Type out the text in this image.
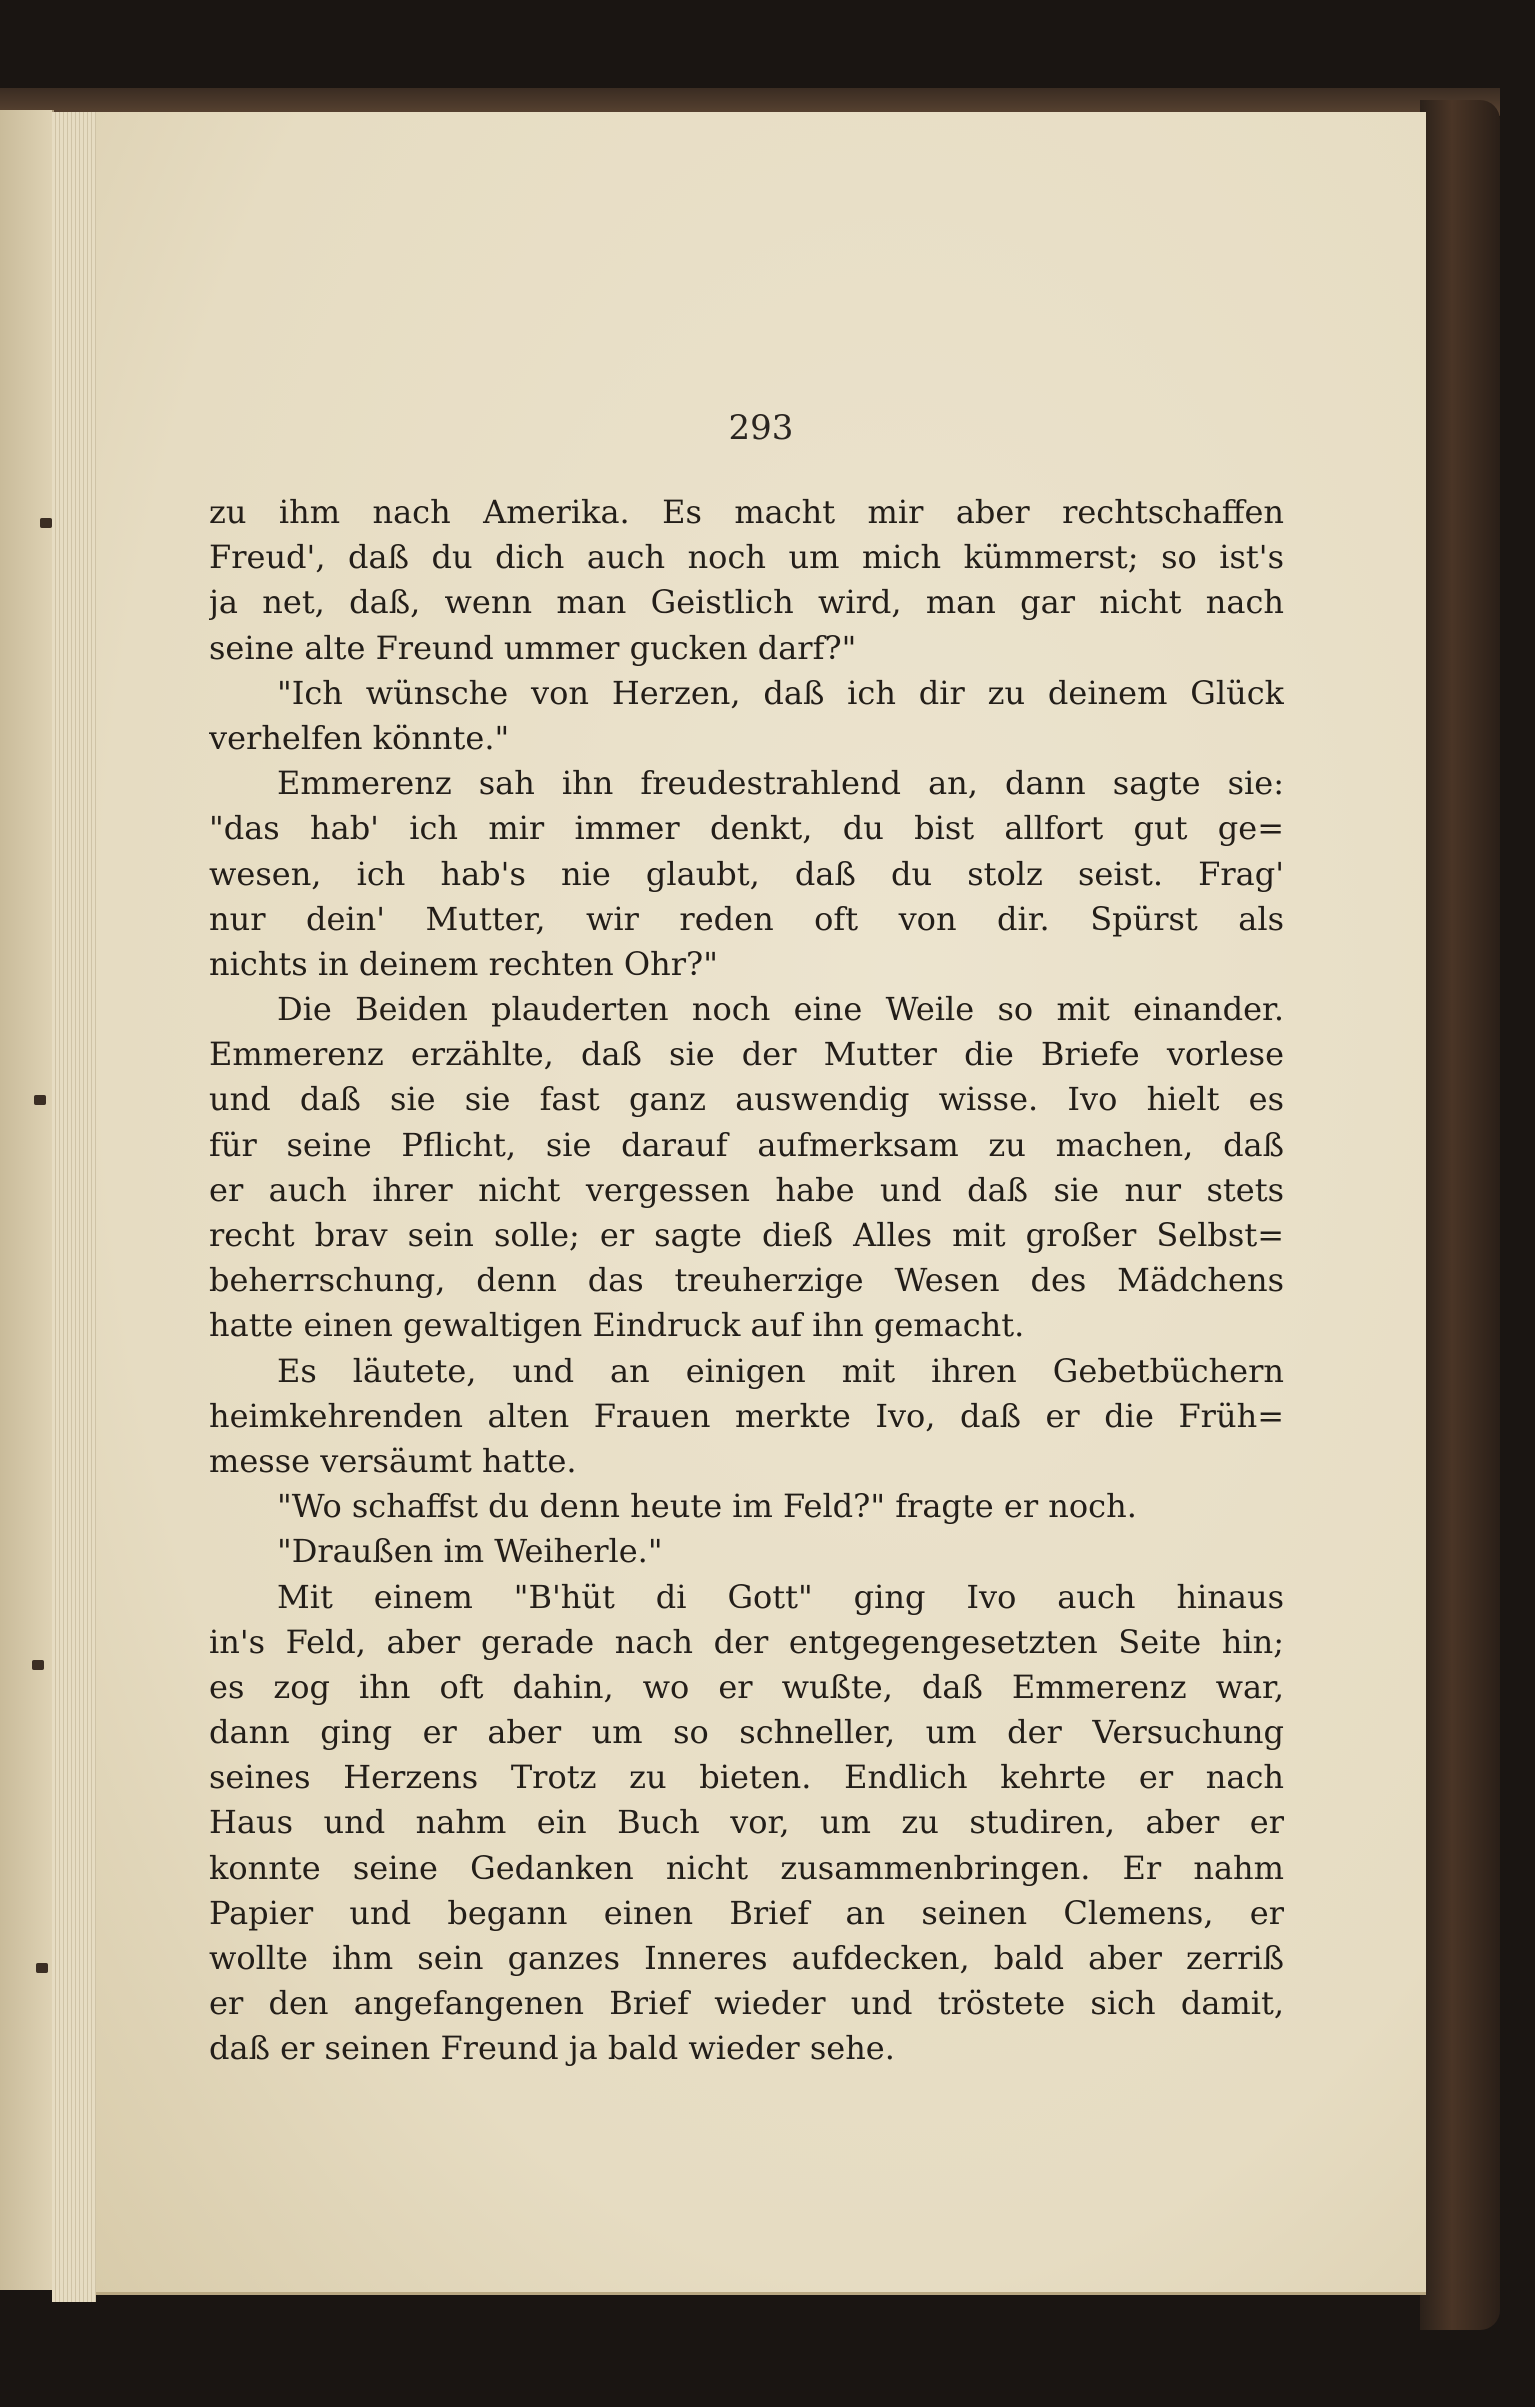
293
zu ihm nach Amerika. Es macht mir aber rechtschaffen
Freud', daß du dich auch noch um mich kümmerst; so ist's
ja net, daß, wenn man Geistlich wird, man gar nicht nach
seine alte Freund ummer gucken darf?"
"Ich wünsche von Herzen, daß ich dir zu deinem Glück
verhelfen könnte."
Emmerenz sah ihn freudestrahlend an, dann sagte sie:
"das hab' ich mir immer denkt, du bist allfort gut ge=
wesen, ich hab's nie glaubt, daß du stolz seist. Frag'
nur dein' Mutter, wir reden oft von dir. Spürst als
nichts in deinem rechten Ohr?"
Die Beiden plauderten noch eine Weile so mit einander.
Emmerenz erzählte, daß sie der Mutter die Briefe vorlese
und daß sie sie fast ganz auswendig wisse. Ivo hielt es
für seine Pflicht, sie darauf aufmerksam zu machen, daß
er auch ihrer nicht vergessen habe und daß sie nur stets
recht brav sein solle; er sagte dieß Alles mit großer Selbst=
beherrschung, denn das treuherzige Wesen des Mädchens
hatte einen gewaltigen Eindruck auf ihn gemacht.
Es läutete, und an einigen mit ihren Gebetbüchern
heimkehrenden alten Frauen merkte Ivo, daß er die Früh=
messe versäumt hatte.
"Wo schaffst du denn heute im Feld?" fragte er noch.
"Draußen im Weiherle."
Mit einem "B'hüt di Gott" ging Ivo auch hinaus
in's Feld, aber gerade nach der entgegengesetzten Seite hin;
es zog ihn oft dahin, wo er wußte, daß Emmerenz war,
dann ging er aber um so schneller, um der Versuchung
seines Herzens Trotz zu bieten. Endlich kehrte er nach
Haus und nahm ein Buch vor, um zu studiren, aber er
konnte seine Gedanken nicht zusammenbringen. Er nahm
Papier und begann einen Brief an seinen Clemens, er
wollte ihm sein ganzes Inneres aufdecken, bald aber zerriß
er den angefangenen Brief wieder und tröstete sich damit,
daß er seinen Freund ja bald wieder sehe.
